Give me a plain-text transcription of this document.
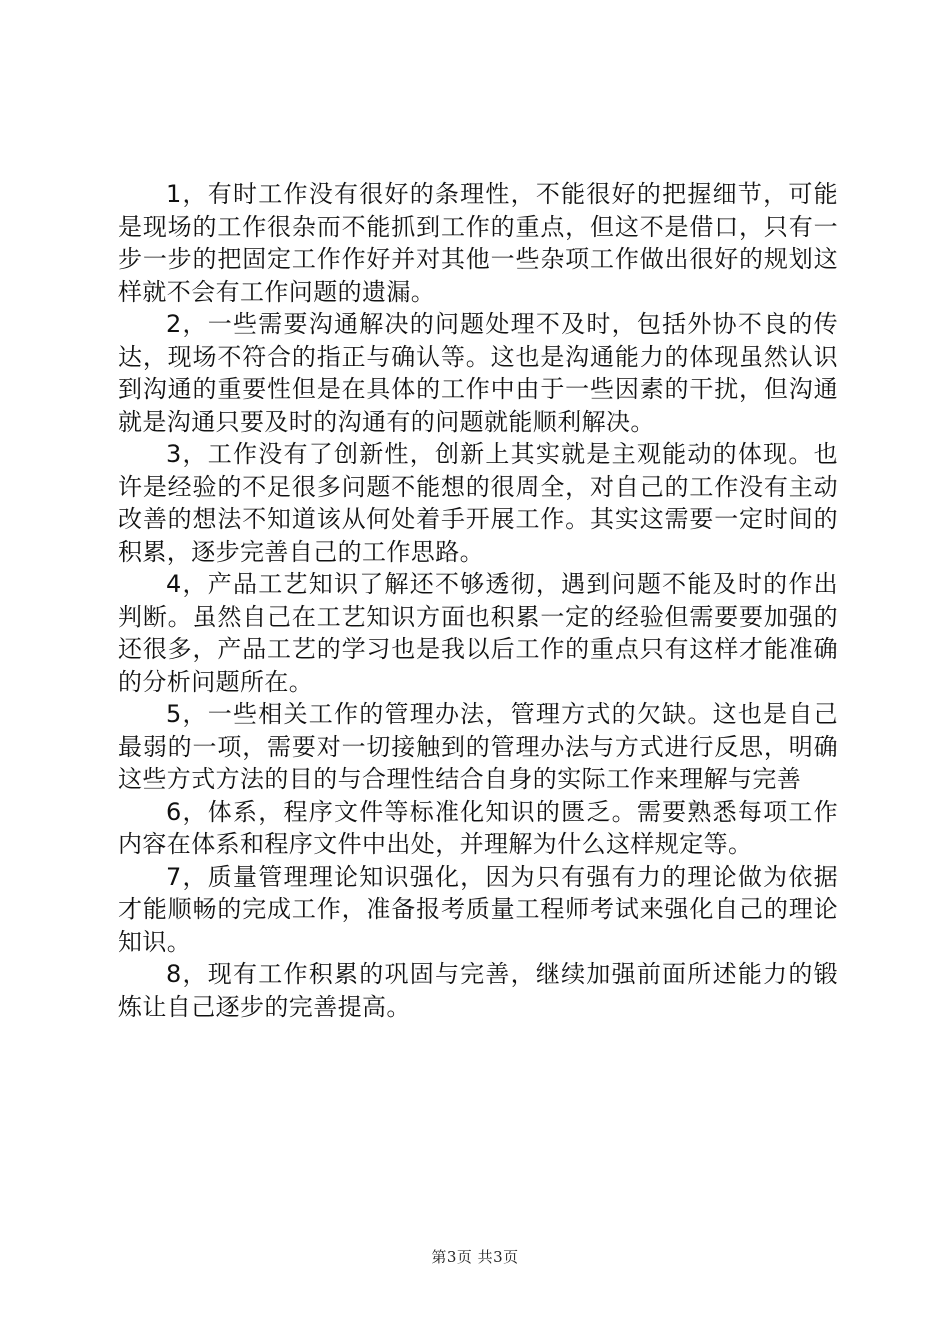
1，有时工作没有很好的条理性，不能很好的把握细节，可能是现场的工作很杂而不能抓到工作的重点，但这不是借口，只有一步一步的把固定工作作好并对其他一些杂项工作做出很好的规划这样就不会有工作问题的遗漏。

2，一些需要沟通解决的问题处理不及时，包括外协不良的传达，现场不符合的指正与确认等。这也是沟通能力的体现虽然认识到沟通的重要性但是在具体的工作中由于一些因素的干扰，但沟通就是沟通只要及时的沟通有的问题就能顺利解决。

3，工作没有了创新性，创新上其实就是主观能动的体现。也许是经验的不足很多问题不能想的很周全，对自己的工作没有主动改善的想法不知道该从何处着手开展工作。其实这需要一定时间的积累，逐步完善自己的工作思路。

4，产品工艺知识了解还不够透彻，遇到问题不能及时的作出判断。虽然自己在工艺知识方面也积累一定的经验但需要要加强的还很多，产品工艺的学习也是我以后工作的重点只有这样才能准确的分析问题所在。

5，一些相关工作的管理办法，管理方式的欠缺。这也是自己最弱的一项，需要对一切接触到的管理办法与方式进行反思，明确这些方式方法的目的与合理性结合自身的实际工作来理解与完善

6，体系，程序文件等标准化知识的匮乏。需要熟悉每项工作内容在体系和程序文件中出处，并理解为什么这样规定等。

7，质量管理理论知识强化，因为只有强有力的理论做为依据才能顺畅的完成工作，准备报考质量工程师考试来强化自己的理论知识。

8，现有工作积累的巩固与完善，继续加强前面所述能力的锻炼让自己逐步的完善提高。

第3页 共3页
